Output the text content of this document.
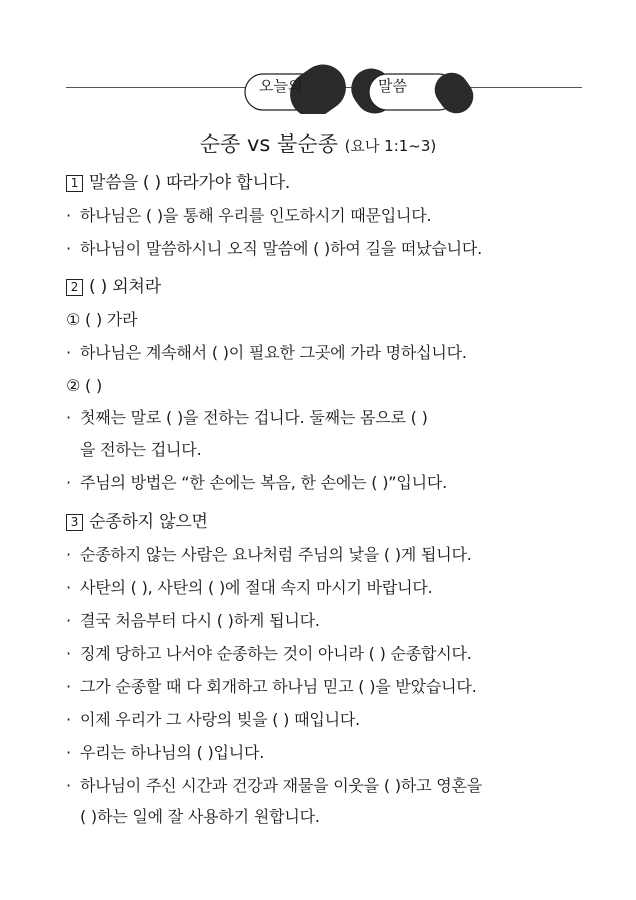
오늘의	말씀
순종 vs 불순종 (요나 1:1~3)
1 말씀을 ( ) 따라가야 합니다.
· 하나님은 ( )을 통해 우리를 인도하시기 때문입니다.
· 하나님이 말씀하시니 오직 말씀에 ( )하여 길을 떠났습니다.
2 ( ) 외쳐라
① ( ) 가라
· 하나님은 계속해서 ( )이 필요한 그곳에 가라 명하십니다.
② ( )
· 첫째는 말로 ( )을 전하는 겁니다. 둘째는 몸으로 ( )
을 전하는 겁니다.
· 주님의 방법은 “한 손에는 복음, 한 손에는 ( )”입니다.
3 순종하지 않으면
· 순종하지 않는 사람은 요나처럼 주님의 낯을 ( )게 됩니다.
· 사탄의 ( ), 사탄의 ( )에 절대 속지 마시기 바랍니다.
· 결국 처음부터 다시 ( )하게 됩니다.
· 징계 당하고 나서야 순종하는 것이 아니라 ( ) 순종합시다.
· 그가 순종할 때 다 회개하고 하나님 믿고 ( )을 받았습니다.
· 이제 우리가 그 사랑의 빚을 ( ) 때입니다.
· 우리는 하나님의 ( )입니다.
· 하나님이 주신 시간과 건강과 재물을 이웃을 ( )하고 영혼을
( )하는 일에 잘 사용하기 원합니다.
